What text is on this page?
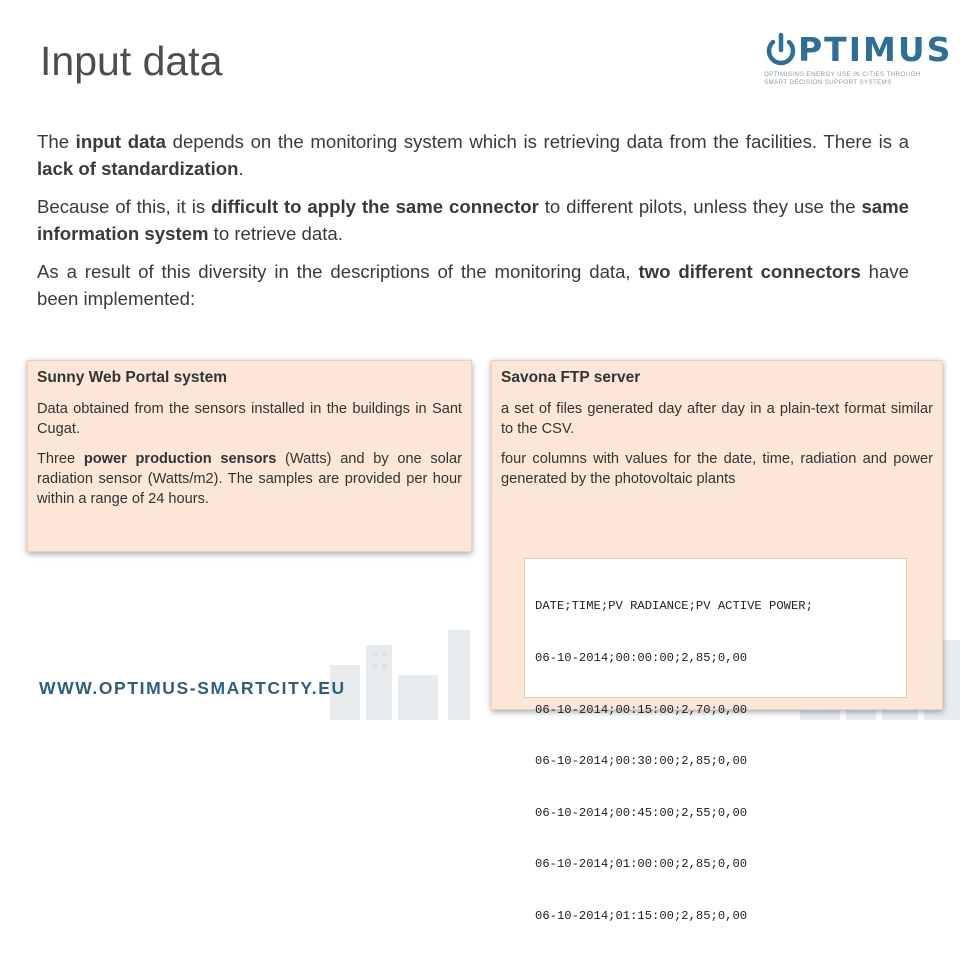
Input data	PTIMUS
OPTIMISING ENERGY USE IN CITIES THROUGH
SMART DECISION SUPPORT SYSTEMS

The input data depends on the monitoring system which is retrieving data from the facilities. There is a lack of standardization.

Because of this, it is difficult to apply the same connector to different pilots, unless they use the same information system to retrieve data.

As a result of this diversity in the descriptions of the monitoring data, two different connectors have been implemented:

Sunny Web Portal system

Data obtained from the sensors installed in the buildings in Sant Cugat.

Three power production sensors (Watts) and by one solar radiation sensor (Watts/m2). The samples are provided per hour within a range of 24 hours.

Savona FTP server

a set of files generated day after day in a plain-text format similar to the CSV.

four columns with values for the date, time, radiation and power generated by the photovoltaic plants

DATE;TIME;PV RADIANCE;PV ACTIVE POWER;

06-10-2014;00:00:00;2,85;0,00

06-10-2014;00:15:00;2,70;0,00

06-10-2014;00:30:00;2,85;0,00

06-10-2014;00:45:00;2,55;0,00

06-10-2014;01:00:00;2,85;0,00

06-10-2014;01:15:00;2,85;0,00

WWW.OPTIMUS-SMARTCITY.EU
